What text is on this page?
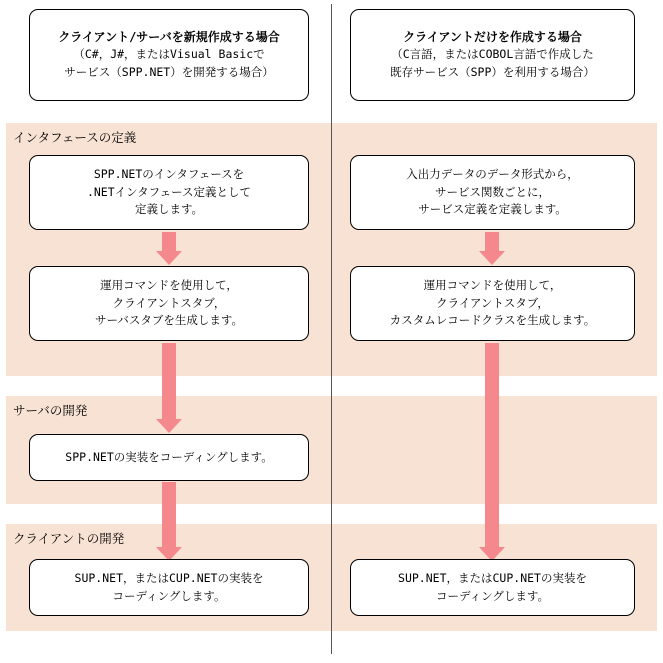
インタフェースの定義
サーバの開発
クライアントの開発
クライアント/サーバを新規作成する場合
（C#，J#，またはVisual Basicで
サービス（SPP.NET）を開発する場合）
クライアントだけを作成する場合
（C言語，またはCOBOL言語で作成した
既存サービス（SPP）を利用する場合）
SPP.NETのインタフェースを
.NETインタフェース定義として
定義します。
運用コマンドを使用して，
クライアントスタブ，
サーバスタブを生成します。
入出力データのデータ形式から，
サービス関数ごとに，
サービス定義を定義します。
運用コマンドを使用して，
クライアントスタブ，
カスタムレコードクラスを生成します。
SPP.NETの実装をコーディングします。
SUP.NET，またはCUP.NETの実装を
コーディングします。
SUP.NET，またはCUP.NETの実装を
コーディングします。
